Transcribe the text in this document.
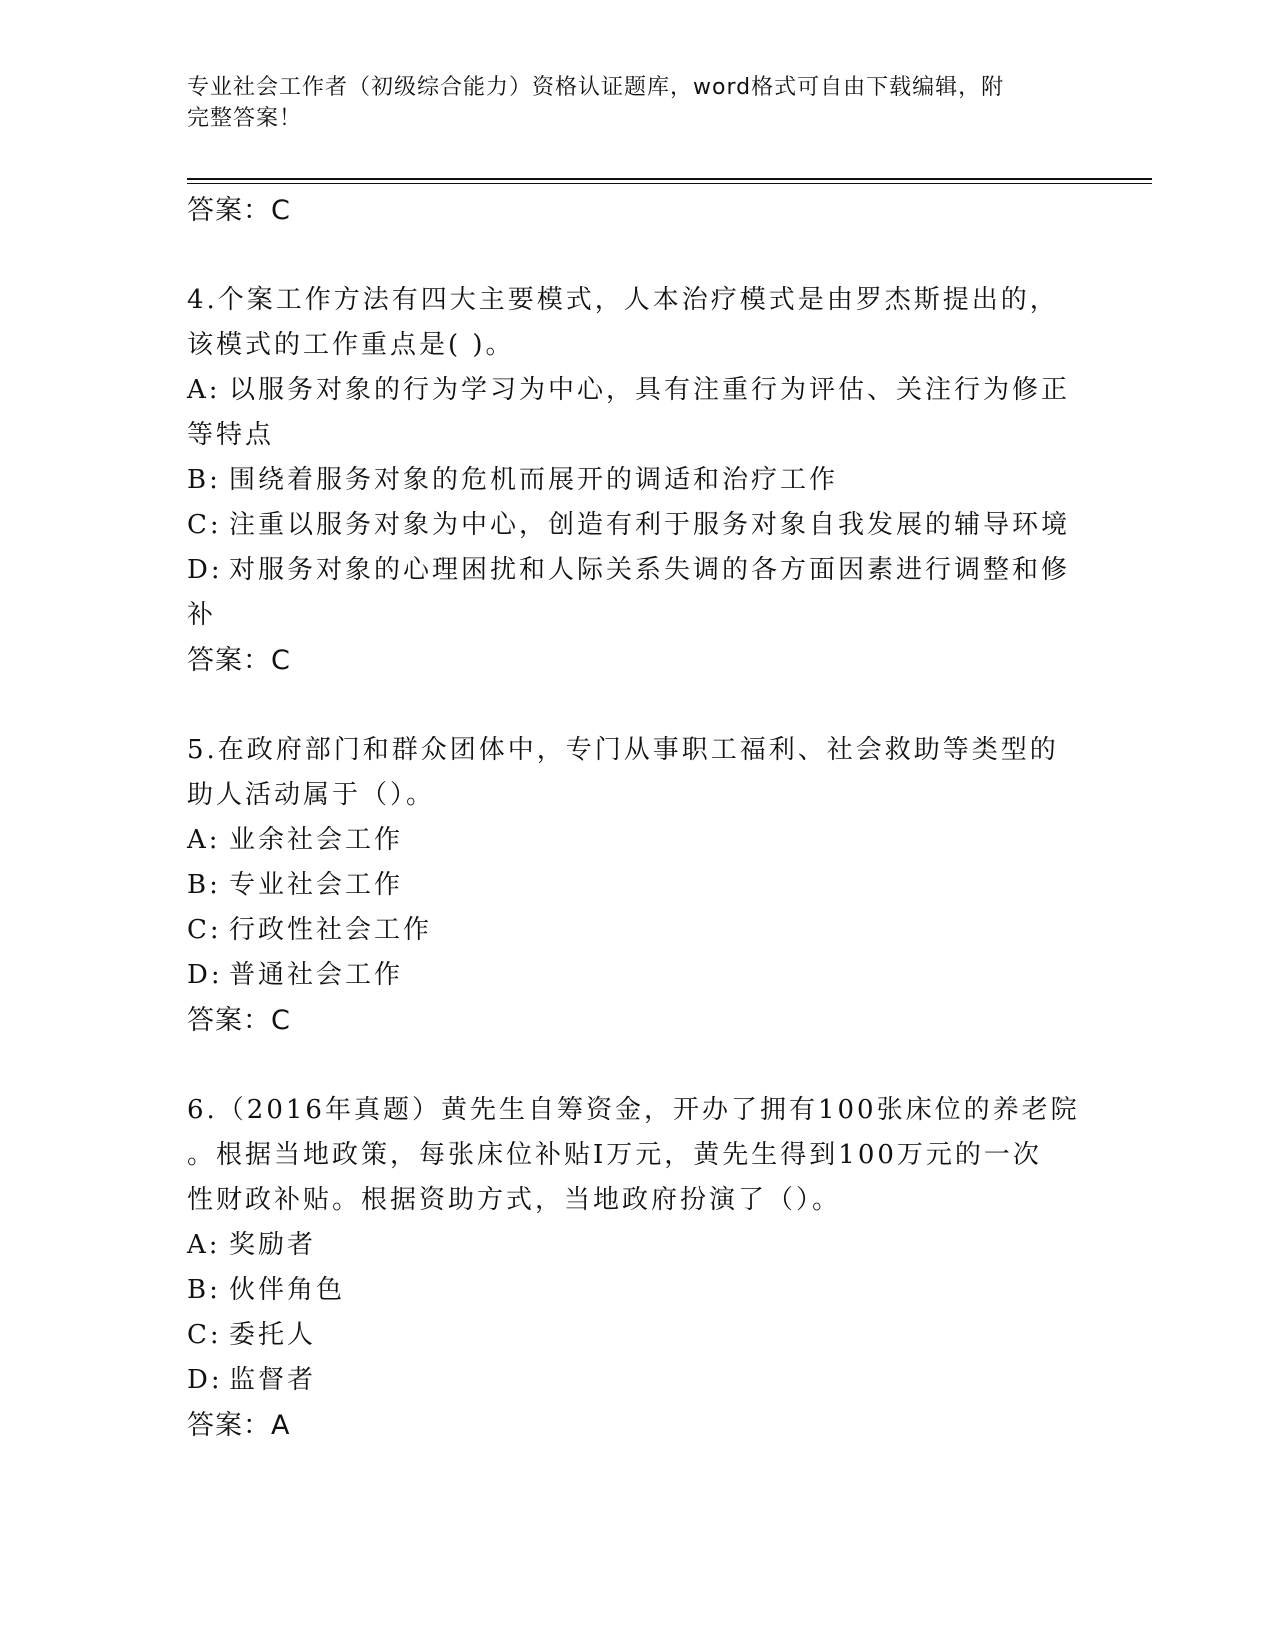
专业社会工作者（初级综合能力）资格认证题库，word格式可自由下载编辑，附
完整答案！
答案：C
4.个案工作方法有四大主要模式，人本治疗模式是由罗杰斯提出的，
该模式的工作重点是( )。
A: 以服务对象的行为学习为中心，具有注重行为评估、关注行为修正
等特点
B: 围绕着服务对象的危机而展开的调适和治疗工作
C: 注重以服务对象为中心，创造有利于服务对象自我发展的辅导环境
D: 对服务对象的心理困扰和人际关系失调的各方面因素进行调整和修
补
答案：C
5.在政府部门和群众团体中，专门从事职工福利、社会救助等类型的
助人活动属于（）。
A: 业余社会工作
B: 专业社会工作
C: 行政性社会工作
D: 普通社会工作
答案：C
6.（2016年真题）黄先生自筹资金，开办了拥有100张床位的养老院
。根据当地政策，每张床位补贴I万元，黄先生得到100万元的一次
性财政补贴。根据资助方式，当地政府扮演了（）。
A: 奖励者
B: 伙伴角色
C: 委托人
D: 监督者
答案：A
